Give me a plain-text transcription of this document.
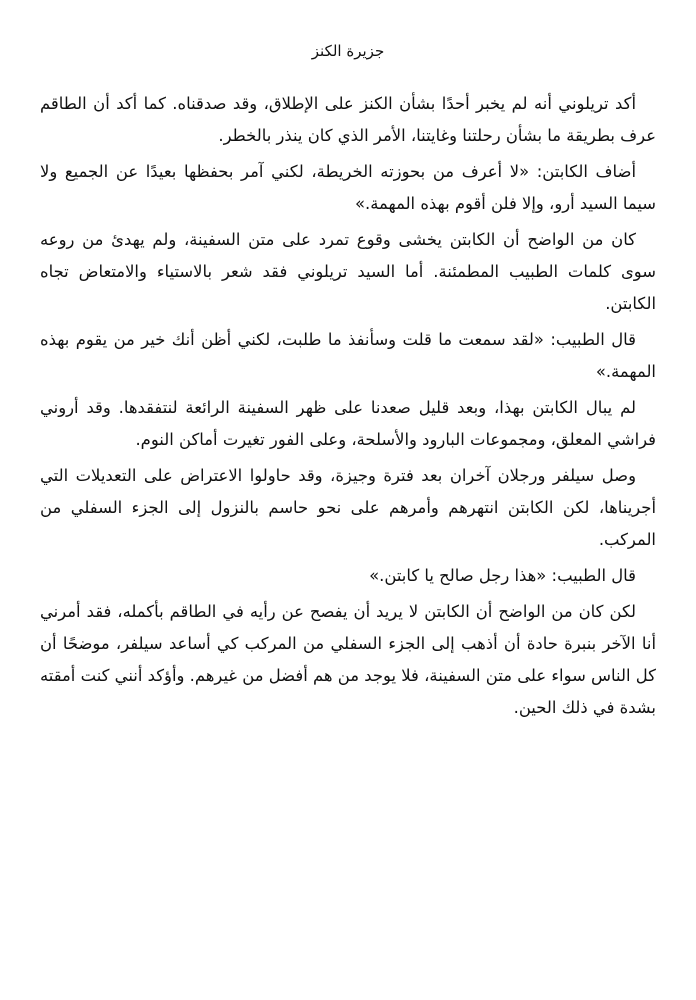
جزيرة الكنز

أكد تريلوني أنه لم يخبر أحدًا بشأن الكنز على الإطلاق، وقد صدقناه. كما أكد أن الطاقم عرف بطريقة ما بشأن رحلتنا وغايتنا، الأمر الذي كان ينذر بالخطر.

أضاف الكابتن: «لا أعرف من بحوزته الخريطة، لكني آمر بحفظها بعيدًا عن الجميع ولا سيما السيد أرو، وإلا فلن أقوم بهذه المهمة.»

كان من الواضح أن الكابتن يخشى وقوع تمرد على متن السفينة، ولم يهدئ من روعه سوى كلمات الطبيب المطمئنة. أما السيد تريلوني فقد شعر بالاستياء والامتعاض تجاه الكابتن.

قال الطبيب: «لقد سمعت ما قلت وسأنفذ ما طلبت، لكني أظن أنك خير من يقوم بهذه المهمة.»

لم يبال الكابتن بهذا، وبعد قليل صعدنا على ظهر السفينة الرائعة لنتفقدها. وقد أروني فراشي المعلق، ومجموعات البارود والأسلحة، وعلى الفور تغيرت أماكن النوم.

وصل سيلفر ورجلان آخران بعد فترة وجيزة، وقد حاولوا الاعتراض على التعديلات التي أجريناها، لكن الكابتن انتهرهم وأمرهم على نحو حاسم بالنزول إلى الجزء السفلي من المركب.

قال الطبيب: «هذا رجل صالح يا كابتن.»

لكن كان من الواضح أن الكابتن لا يريد أن يفصح عن رأيه في الطاقم بأكمله، فقد أمرني أنا الآخر بنبرة حادة أن أذهب إلى الجزء السفلي من المركب كي أساعد سيلفر، موضحًا أن كل الناس سواء على متن السفينة، فلا يوجد من هم أفضل من غيرهم. وأؤكد أنني كنت أمقته بشدة في ذلك الحين.
